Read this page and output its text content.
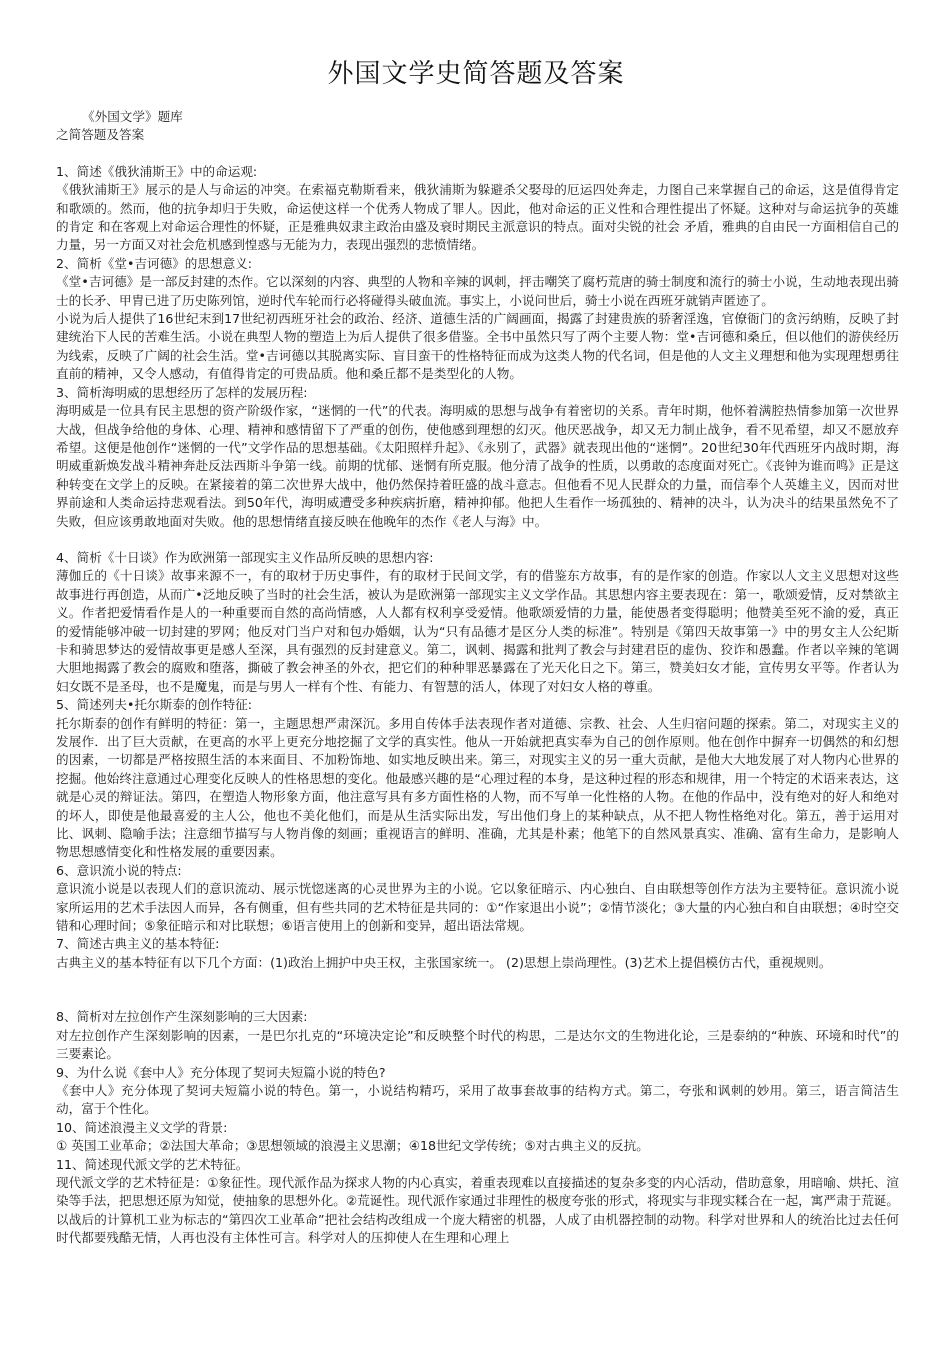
外国文学史简答题及答案

《外国文学》题库

之简答题及答案

1、简述《俄狄浦斯王》中的命运观:

《俄狄浦斯王》展示的是人与命运的冲突。在索福克勒斯看来，俄狄浦斯为躲避杀父娶母的厄运四处奔走，力图自己来掌握自己的命运，这是值得肯定和歌颂的。然而，他的抗争却归于失败，命运使这样一个优秀人物成了罪人。因此，他对命运的正义性和合理性提出了怀疑。这种对与命运抗争的英雄的肯定 和在客观上对命运合理性的怀疑，正是雅典奴隶主政治由盛及衰时期民主派意识的特点。面对尖锐的社会 矛盾，雅典的自由民一方面相信自己的力量，另一方面又对社会危机感到惶惑与无能为力，表现出强烈的悲愤情绪。

2、简析《堂•吉诃德》的思想意义:

《堂•吉诃德》是一部反封建的杰作。它以深刻的内容、典型的人物和辛辣的讽刺，抨击嘲笑了腐朽荒唐的骑士制度和流行的骑士小说，生动地表现出骑士的长矛、甲胄已进了历史陈列馆，逆时代车轮而行必将碰得头破血流。事实上，小说问世后，骑士小说在西班牙就销声匿迹了。

小说为后人提供了16世纪末到17世纪初西班牙社会的政治、经济、道德生活的广阔画面，揭露了封建贵族的骄奢淫逸，官僚衙门的贪污纳贿，反映了封建统治下人民的苦难生活。小说在典型人物的塑造上为后人提供了很多借鉴。全书中虽然只写了两个主要人物：堂•吉诃德和桑丘，但以他们的游侠经历为线索，反映了广阔的社会生活。堂•吉诃德以其脱离实际、盲目蛮干的性格特征而成为这类人物的代名词，但是他的人文主义理想和他为实现理想勇往直前的精神，又令人感动，有值得肯定的可贵品质。他和桑丘都不是类型化的人物。

3、简析海明威的思想经历了怎样的发展历程:

海明威是一位具有民主思想的资产阶级作家，“迷惘的一代”的代表。海明威的思想与战争有着密切的关系。青年时期，他怀着满腔热情参加第一次世界大战，但战争给他的身体、心理、精神和感情留下了严重的创伤，使他感到理想的幻灭。他厌恶战争，却又无力制止战争，看不见希望，却又不愿放弃希望。这便是他创作“迷惘的一代”文学作品的思想基础。《太阳照样升起》、《永别了，武器》就表现出他的“迷惘”。20世纪30年代西班牙内战时期，海明威重新焕发战斗精神奔赴反法西斯斗争第一线。前期的忧郁、迷惘有所克服。他分清了战争的性质，以勇敢的态度面对死亡。《丧钟为谁而鸣》正是这种转变在文学上的反映。在紧接着的第二次世界大战中，他仍然保持着旺盛的战斗意志。但他看不见人民群众的力量，而信奉个人英雄主义，因而对世界前途和人类命运持悲观看法。到50年代，海明威遭受多种疾病折磨，精神抑郁。他把人生看作一场孤独的、精神的决斗，认为决斗的结果虽然免不了失败，但应该勇敢地面对失败。他的思想情绪直接反映在他晚年的杰作《老人与海》中。

4、简析《十日谈》作为欧洲第一部现实主义作品所反映的思想内容:

薄伽丘的《十日谈》故事来源不一，有的取材于历史事件，有的取材于民间文学，有的借鉴东方故事，有的是作家的创造。作家以人文主义思想对这些故事进行再创造，从而广•泛地反映了当时的社会生活，被认为是欧洲第一部现实主义文学作品。其思想内容主要表现在：第一，歌颂爱情，反对禁欲主义。作者把爱情看作是人的一种重要而自然的高尚情感，人人都有权利享受爱情。他歌颂爱情的力量，能使愚者变得聪明；他赞美至死不渝的爱，真正的爱情能够冲破一切封建的罗网；他反对门当户对和包办婚姻，认为“只有品德才是区分人类的标准”。特别是《第四天故事第一》中的男女主人公纪斯卡和骑思梦达的爱情故事更是感人至深，具有强烈的反封建意义。第二，讽刺、揭露和批判了教会与封建君臣的虚伪、狡诈和愚蠢。作者以辛辣的笔调大胆地揭露了教会的腐败和堕落，撕破了教会神圣的外衣，把它们的种种罪恶暴露在了光天化日之下。第三，赞美妇女才能，宣传男女平等。作者认为妇女既不是圣母，也不是魔鬼，而是与男人一样有个性、有能力、有智慧的活人，体现了对妇女人格的尊重。

5、简述列夫•托尔斯泰的创作特征:

托尔斯泰的创作有鲜明的特征：第一，主题思想严肃深沉。多用自传体手法表现作者对道德、宗教、社会、人生归宿问题的探索。第二，对现实主义的发展作．出了巨大贡献，在更高的水平上更充分地挖掘了文学的真实性。他从一开始就把真实奉为自己的创作原则。他在创作中摒弃一切偶然的和幻想的因素，一切都是严格按照生活的本来面目、不加粉饰地、如实地反映出来。第三，对现实主义的另一重大贡献，是他大大地发展了对人物内心世界的挖掘。他始终注意通过心理变化反映人的性格思想的变化。他最感兴趣的是“心理过程的本身，是这种过程的形态和规律，用一个特定的术语来表达，这就是心灵的辩证法。第四，在塑造人物形象方面，他注意写具有多方面性格的人物，而不写单一化性格的人物。在他的作品中，没有绝对的好人和绝对的坏人，即使是他最喜爱的主人公，他也不美化他们，而是从生活实际出发，写出他们身上的某种缺点，从不把人物性格绝对化。第五，善于运用对比、讽刺、隐喻手法；注意细节描写与人物肖像的刻画；重视语言的鲜明、准确，尤其是朴素；他笔下的自然风景真实、准确、富有生命力，是影响人物思想感情变化和性格发展的重要因素。

6、意识流小说的特点:

意识流小说是以表现人们的意识流动、展示恍惚迷离的心灵世界为主的小说。它以象征暗示、内心独白、自由联想等创作方法为主要特征。意识流小说家所运用的艺术手法因人而异，各有侧重，但有些共同的艺术特征是共同的：①“作家退出小说”；②情节淡化；③大量的内心独白和自由联想；④时空交错和心理时间；⑤象征暗示和对比联想；⑥语言使用上的创新和变异，超出语法常规。

7、简述古典主义的基本特征:

古典主义的基本特征有以下几个方面：(1)政治上拥护中央王权，主张国家统一。 (2)思想上崇尚理性。(3)艺术上提倡模仿古代，重视规则。

8、简析对左拉创作产生深刻影响的三大因素:

对左拉创作产生深刻影响的因素，一是巴尔扎克的“环境决定论”和反映整个时代的构思，二是达尔文的生物进化论，三是泰纳的“种族、环境和时代”的三要素论。

9、为什么说《套中人》充分体现了契诃夫短篇小说的特色?

《套中人》充分体现了契诃夫短篇小说的特色。第一，小说结构精巧，采用了故事套故事的结构方式。第二，夸张和讽刺的妙用。第三，语言简洁生动，富于个性化。

10、简述浪漫主义文学的背景:

① 英国工业革命；②法国大革命；③思想领域的浪漫主义思潮；④18世纪文学传统；⑤对古典主义的反抗。

11、简述现代派文学的艺术特征。

现代派文学的艺术特征是：①象征性。现代派作品为探求人物的内心真实，着重表现难以直接描述的复杂多变的内心活动，借助意象，用暗喻、烘托、渲染等手法，把思想还原为知觉，使抽象的思想外化。②荒诞性。现代派作家通过非理性的极度夸张的形式，将现实与非现实糅合在一起，寓严肃于荒诞。以战后的计算机工业为标志的“第四次工业革命”把社会结构改组成一个庞大精密的机器，人成了由机器控制的动物。科学对世界和人的统治比过去任何时代都要残酷无情，人再也没有主体性可言。科学对人的压抑使人在生理和心理上
